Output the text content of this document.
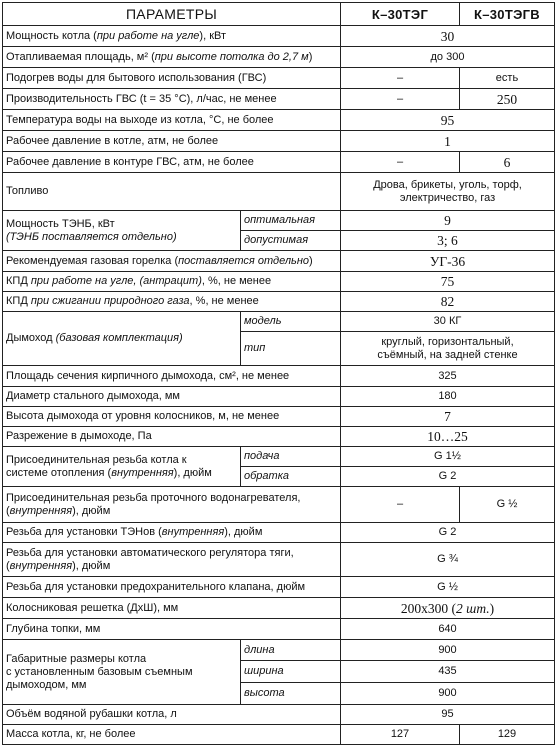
ПАРАМЕТРЫ		К–30ТЭГ	К–30ТЭГВ
Мощность котла (при работе на угле), кВт		30	
Отапливаемая площадь, м² (при высоте потолка до 2,7 м)		до 300	
Подогрев воды для бытового использования (ГВС)		–	есть
Производительность ГВС (t = 35 °C), л/час, не менее		–	250
Температура воды на выходе из котла, °C, не более		95	
Рабочее давление в котле, атм, не более		1	
Рабочее давление в контуре ГВС, атм, не более		–	6
Топливо		Дрова, брикеты, уголь, торф,
электричество, газ	

Мощность ТЭНБ, кВт
(ТЭНБ поставляется отдельно)	оптимальная	9	
	допустимая	3; 6	
Рекомендуемая газовая горелка (поставляется отдельно)		УГ-36	
КПД при работе на угле, (антрацит), %, не менее		75	
КПД при сжигании природного газа, %, не менее		82	
Дымоход (базовая комплектация)	модель	30 КГ	
	тип	круглый, горизонтальный,
съёмный, на задней стенке	

Площадь сечения кирпичного дымохода, см², не менее		325	
Диаметр стального дымохода, мм		180	
Высота дымохода от уровня колосников, м, не менее		7	
Разрежение в дымоходе, Па		10…25	

Присоединительная резьба котла к
системе отопления (внутренняя), дюйм	подача	G 1½	
	обратка	G 2	

Присоединительная резьба проточного водонагревателя,
(внутренняя), дюйм		–	G ½
Резьба для установки ТЭНов (внутренняя), дюйм		G 2	

Резьба для установки автоматического регулятора тяги,
(внутренняя), дюйм		G ¾	
Резьба для установки предохранительного клапана, дюйм		G ½	
Колосниковая решетка (ДхШ), мм		200х300 (2 шт.)	
Глубина топки, мм		640	

Габаритные размеры котла
с установленным базовым съемным
дымоходом, мм	длина	900	
	ширина	435	
	высота	900	
Объём водяной рубашки котла, л		95	
Масса котла, кг, не более		127	129
